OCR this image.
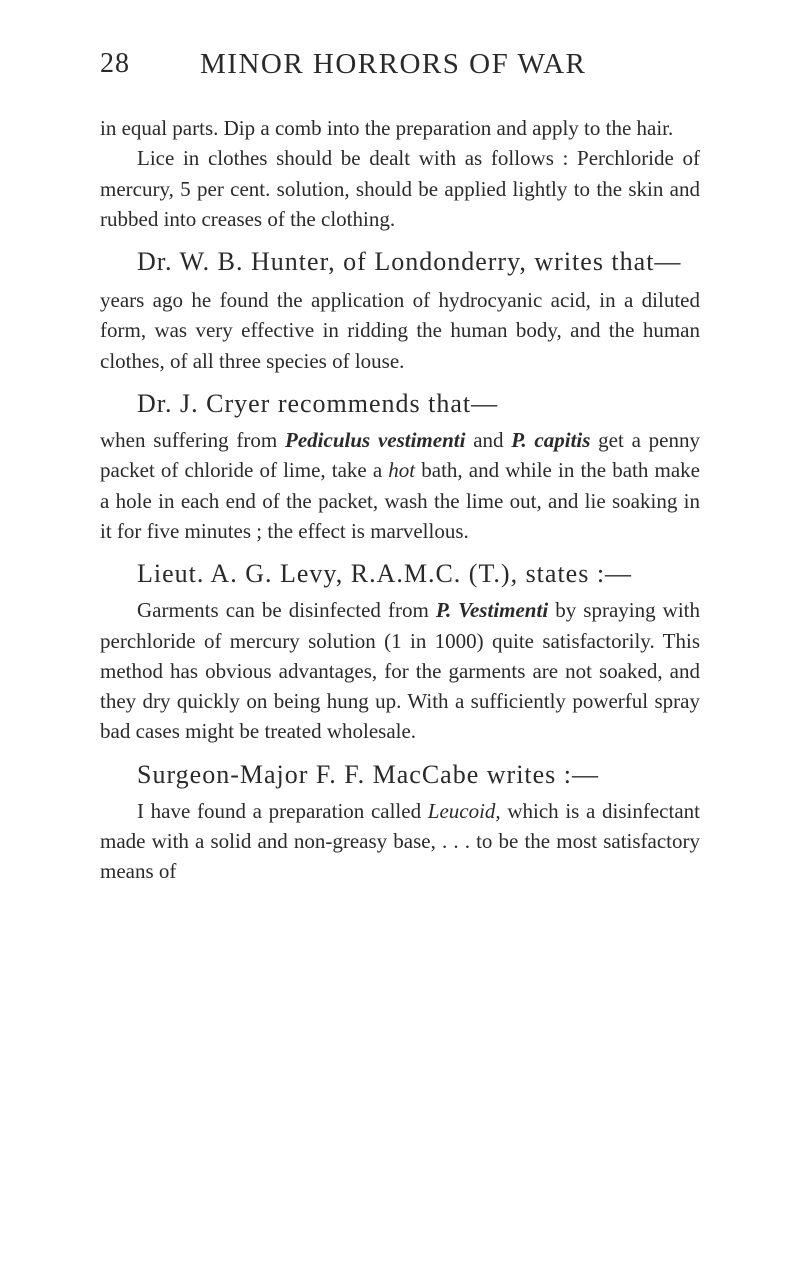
28 MINOR HORRORS OF WAR

in equal parts. Dip a comb into the preparation and apply to the hair.

Lice in clothes should be dealt with as follows : Perchloride of mercury, 5 per cent. solution, should be applied lightly to the skin and rubbed into creases of the clothing.

Dr. W. B. Hunter, of Londonderry, writes that—

years ago he found the application of hydrocyanic acid, in a diluted form, was very effective in ridding the human body, and the human clothes, of all three species of louse.

Dr. J. Cryer recommends that—

when suffering from Pediculus vestimenti and P. capitis get a penny packet of chloride of lime, take a hot bath, and while in the bath make a hole in each end of the packet, wash the lime out, and lie soaking in it for five minutes ; the effect is marvellous.

Lieut. A. G. Levy, R.A.M.C. (T.), states :—

Garments can be disinfected from P. Vestimenti by spraying with perchloride of mercury solution (1 in 1000) quite satisfactorily. This method has obvious advantages, for the garments are not soaked, and they dry quickly on being hung up. With a sufficiently powerful spray bad cases might be treated wholesale.

Surgeon-Major F. F. MacCabe writes :—

I have found a preparation called Leucoid, which is a disinfectant made with a solid and non-greasy base, . . . to be the most satisfactory means of
